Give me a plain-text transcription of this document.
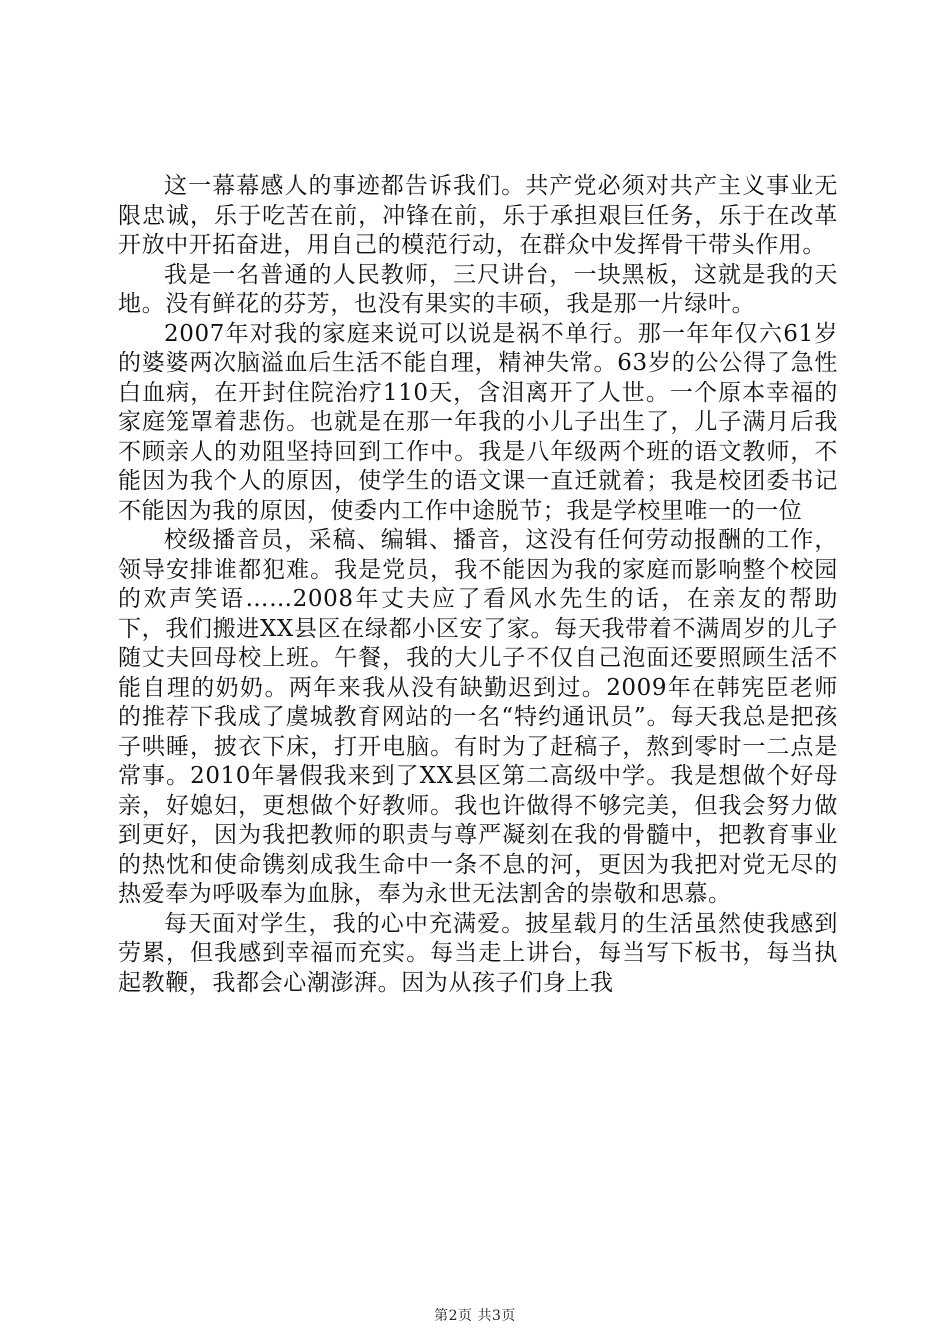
这一幕幕感人的事迹都告诉我们。共产党必须对共产主义事业无限忠诚，乐于吃苦在前，冲锋在前，乐于承担艰巨任务，乐于在改革开放中开拓奋进，用自己的模范行动，在群众中发挥骨干带头作用。

我是一名普通的人民教师，三尺讲台，一块黑板，这就是我的天地。没有鲜花的芬芳，也没有果实的丰硕，我是那一片绿叶。

2007年对我的家庭来说可以说是祸不单行。那一年年仅六61岁的婆婆两次脑溢血后生活不能自理，精神失常。63岁的公公得了急性白血病，在开封住院治疗110天，含泪离开了人世。一个原本幸福的家庭笼罩着悲伤。也就是在那一年我的小儿子出生了，儿子满月后我不顾亲人的劝阻坚持回到工作中。我是八年级两个班的语文教师，不能因为我个人的原因，使学生的语文课一直迁就着；我是校团委书记不能因为我的原因，使委内工作中途脱节；我是学校里唯一的一位

校级播音员，采稿、编辑、播音，这没有任何劳动报酬的工作，领导安排谁都犯难。我是党员，我不能因为我的家庭而影响整个校园的欢声笑语……2008年丈夫应了看风水先生的话，在亲友的帮助下，我们搬进XX县区在绿都小区安了家。每天我带着不满周岁的儿子随丈夫回母校上班。午餐，我的大儿子不仅自己泡面还要照顾生活不能自理的奶奶。两年来我从没有缺勤迟到过。2009年在韩宪臣老师的推荐下我成了虞城教育网站的一名“特约通讯员”。每天我总是把孩子哄睡，披衣下床，打开电脑。有时为了赶稿子，熬到零时一二点是常事。2010年暑假我来到了XX县区第二高级中学。我是想做个好母亲，好媳妇，更想做个好教师。我也许做得不够完美，但我会努力做到更好，因为我把教师的职责与尊严凝刻在我的骨髓中，把教育事业的热忱和使命镌刻成我生命中一条不息的河，更因为我把对党无尽的热爱奉为呼吸奉为血脉，奉为永世无法割舍的崇敬和思慕。

每天面对学生，我的心中充满爱。披星载月的生活虽然使我感到劳累，但我感到幸福而充实。每当走上讲台，每当写下板书，每当执起教鞭，我都会心潮澎湃。因为从孩子们身上我

第2页 共3页
